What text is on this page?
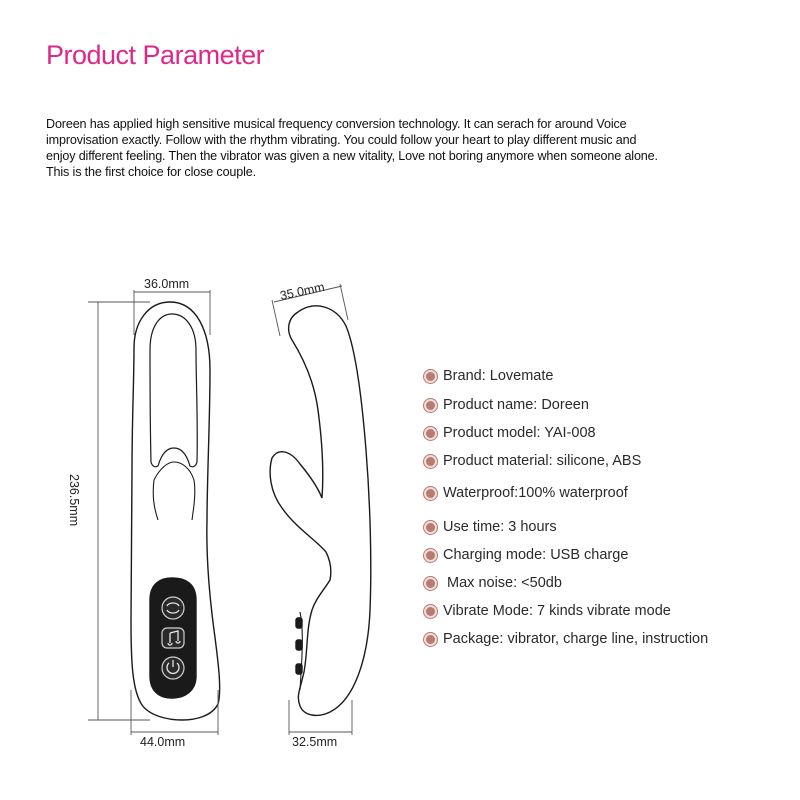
Product Parameter

Doreen has applied high sensitive musical frequency conversion technology. It can serach for around Voice

improvisation exactly. Follow with the rhythm vibrating. You could follow your heart to play different music and

enjoy different feeling. Then the vibrator was given a new vitality, Love not boring anymore when someone alone.

This is the first choice for close couple.

36.0mm
44.0mm
236.5mm
35.0mm
32.5mm
Brand: Lovemate
Product name: Doreen
Product model: YAI-008
Product material: silicone, ABS
Waterproof:100% waterproof
Use time: 3 hours
Charging mode: USB charge
Max noise: <50db
Vibrate Mode: 7 kinds vibrate mode
Package: vibrator, charge line, instruction
